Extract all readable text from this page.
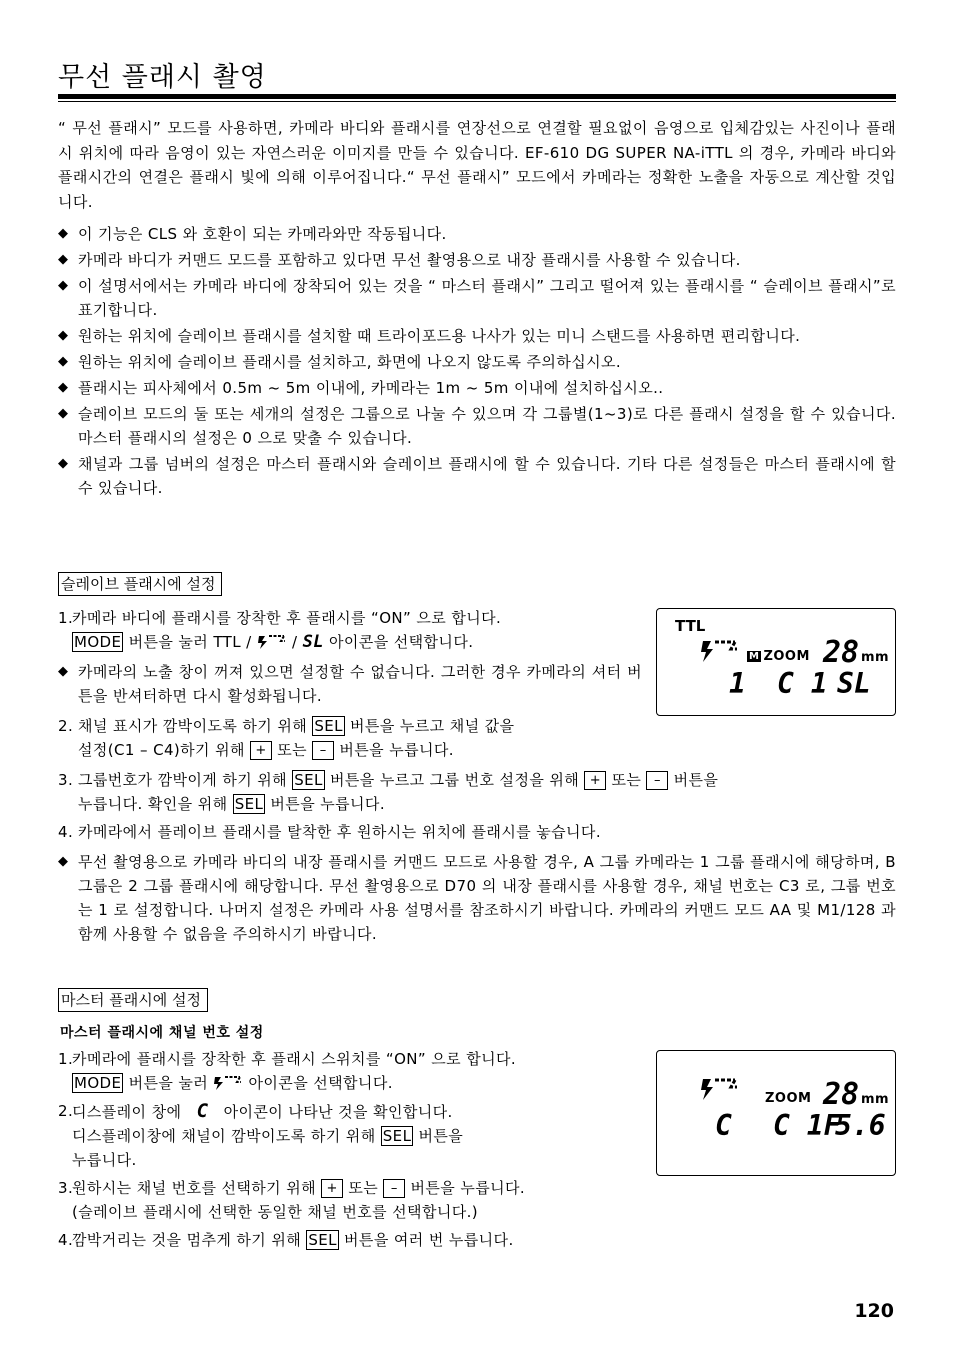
무선 플래시 촬영
“ 무선 플래시” 모드를 사용하면, 카메라 바디와 플래시를 연장선으로 연결할 필요없이 음영으로 입체감있는 사진이나 플래시 위치에 따라 음영이 있는 자연스러운 이미지를 만들 수 있습니다. EF-610 DG SUPER NA-iTTL 의 경우, 카메라 바디와 플래시간의 연결은 플래시 빛에 의해 이루어집니다.“ 무선 플래시” 모드에서 카메라는 정확한 노출을 자동으로 계산할 것입니다.
◆ 이 기능은 CLS 와 호환이 되는 카메라와만 작동됩니다.
◆ 카메라 바디가 커맨드 모드를 포함하고 있다면 무선 촬영용으로 내장 플래시를 사용할 수 있습니다.
◆ 이 설명서에서는 카메라 바디에 장착되어 있는 것을 “ 마스터 플래시” 그리고 떨어져 있는 플래시를 “ 슬레이브 플래시”로 표기합니다.
◆ 원하는 위치에 슬레이브 플래시를 설치할 때 트라이포드용 나사가 있는 미니 스탠드를 사용하면 편리합니다.
◆ 원하는 위치에 슬레이브 플래시를 설치하고, 화면에 나오지 않도록 주의하십시오.
◆ 플래시는 피사체에서 0.5m ~ 5m 이내에, 카메라는 1m ~ 5m 이내에 설치하십시오..
◆ 슬레이브 모드의 둘 또는 세개의 설정은 그룹으로 나눌 수 있으며 각 그룹별(1~3)로 다른 플래시 설정을 할 수 있습니다. 마스터 플래시의 설정은 0 으로 맞출 수 있습니다.
◆ 채널과 그룹 넘버의 설정은 마스터 플래시와 슬레이브 플래시에 할 수 있습니다. 기타 다른 설정들은 마스터 플래시에 할 수 있습니다.
슬레이브 플래시에 설정
1.
카메라 바디에 플래시를 장착한 후 플래시를 “ON” 으로 합니다.
MODE 버튼을 눌러 TTL /	/ SL 아이콘을 선택합니다.
◆ 카메라의 노출 창이 꺼져 있으면 설정할 수 없습니다. 그러한 경우 카메라의 셔터 버튼을 반셔터하면 다시 활성화됩니다.
2. 채널 표시가 깜박이도록 하기 위해 SEL 버튼을 누르고 채널 값을
설정(C1 – C4)하기 위해 + 또는 – 버튼을 누릅니다.
TTL
M ZOOM 28 mm
1 C 1 SL
3. 그룹번호가 깜박이게 하기 위해 SEL 버튼을 누르고 그룹 번호 설정을 위해 + 또는 – 버튼을
누릅니다. 확인을 위해 SEL 버튼을 누릅니다.
4. 카메라에서 플레이브 플래시를 탈착한 후 원하시는 위치에 플래시를 놓습니다.
◆ 무선 촬영용으로 카메라 바디의 내장 플래시를 커맨드 모드로 사용할 경우, A 그룹 카메라는 1 그룹 플래시에 해당하며, B 그룹은 2 그룹 플래시에 해당합니다. 무선 촬영용으로 D70 의 내장 플래시를 사용할 경우, 채널 번호는 C3 로, 그룹 번호는 1 로 설정합니다. 나머지 설정은 카메라 사용 설명서를 참조하시기 바랍니다. 카메라의 커맨드 모드 AA 및 M1/128 과 함께 사용할 수 없음을 주의하시기 바랍니다.
마스터 플래시에 설정
마스터 플래시에 채널 번호 설정
1.
카메라에 플래시를 장착한 후 플래시 스위치를 “ON” 으로 합니다.
MODE 버튼을 눌러	아이콘을 선택합니다.
2.
디스플레이 창에 C 아이콘이 나타난 것을 확인합니다.
디스플레이창에 채널이 깜박이도록 하기 위해 SEL 버튼을
누릅니다.
3.
원하시는 채널 번호를 선택하기 위해 + 또는 – 버튼을 누릅니다.
(슬레이브 플래시에 선택한 동일한 채널 번호를 선택합니다.)
4.
깜박거리는 것을 멈추게 하기 위해 SEL 버튼을 여러 번 누릅니다.
ZOOM 28 mm
C C 1F
5.6
120
